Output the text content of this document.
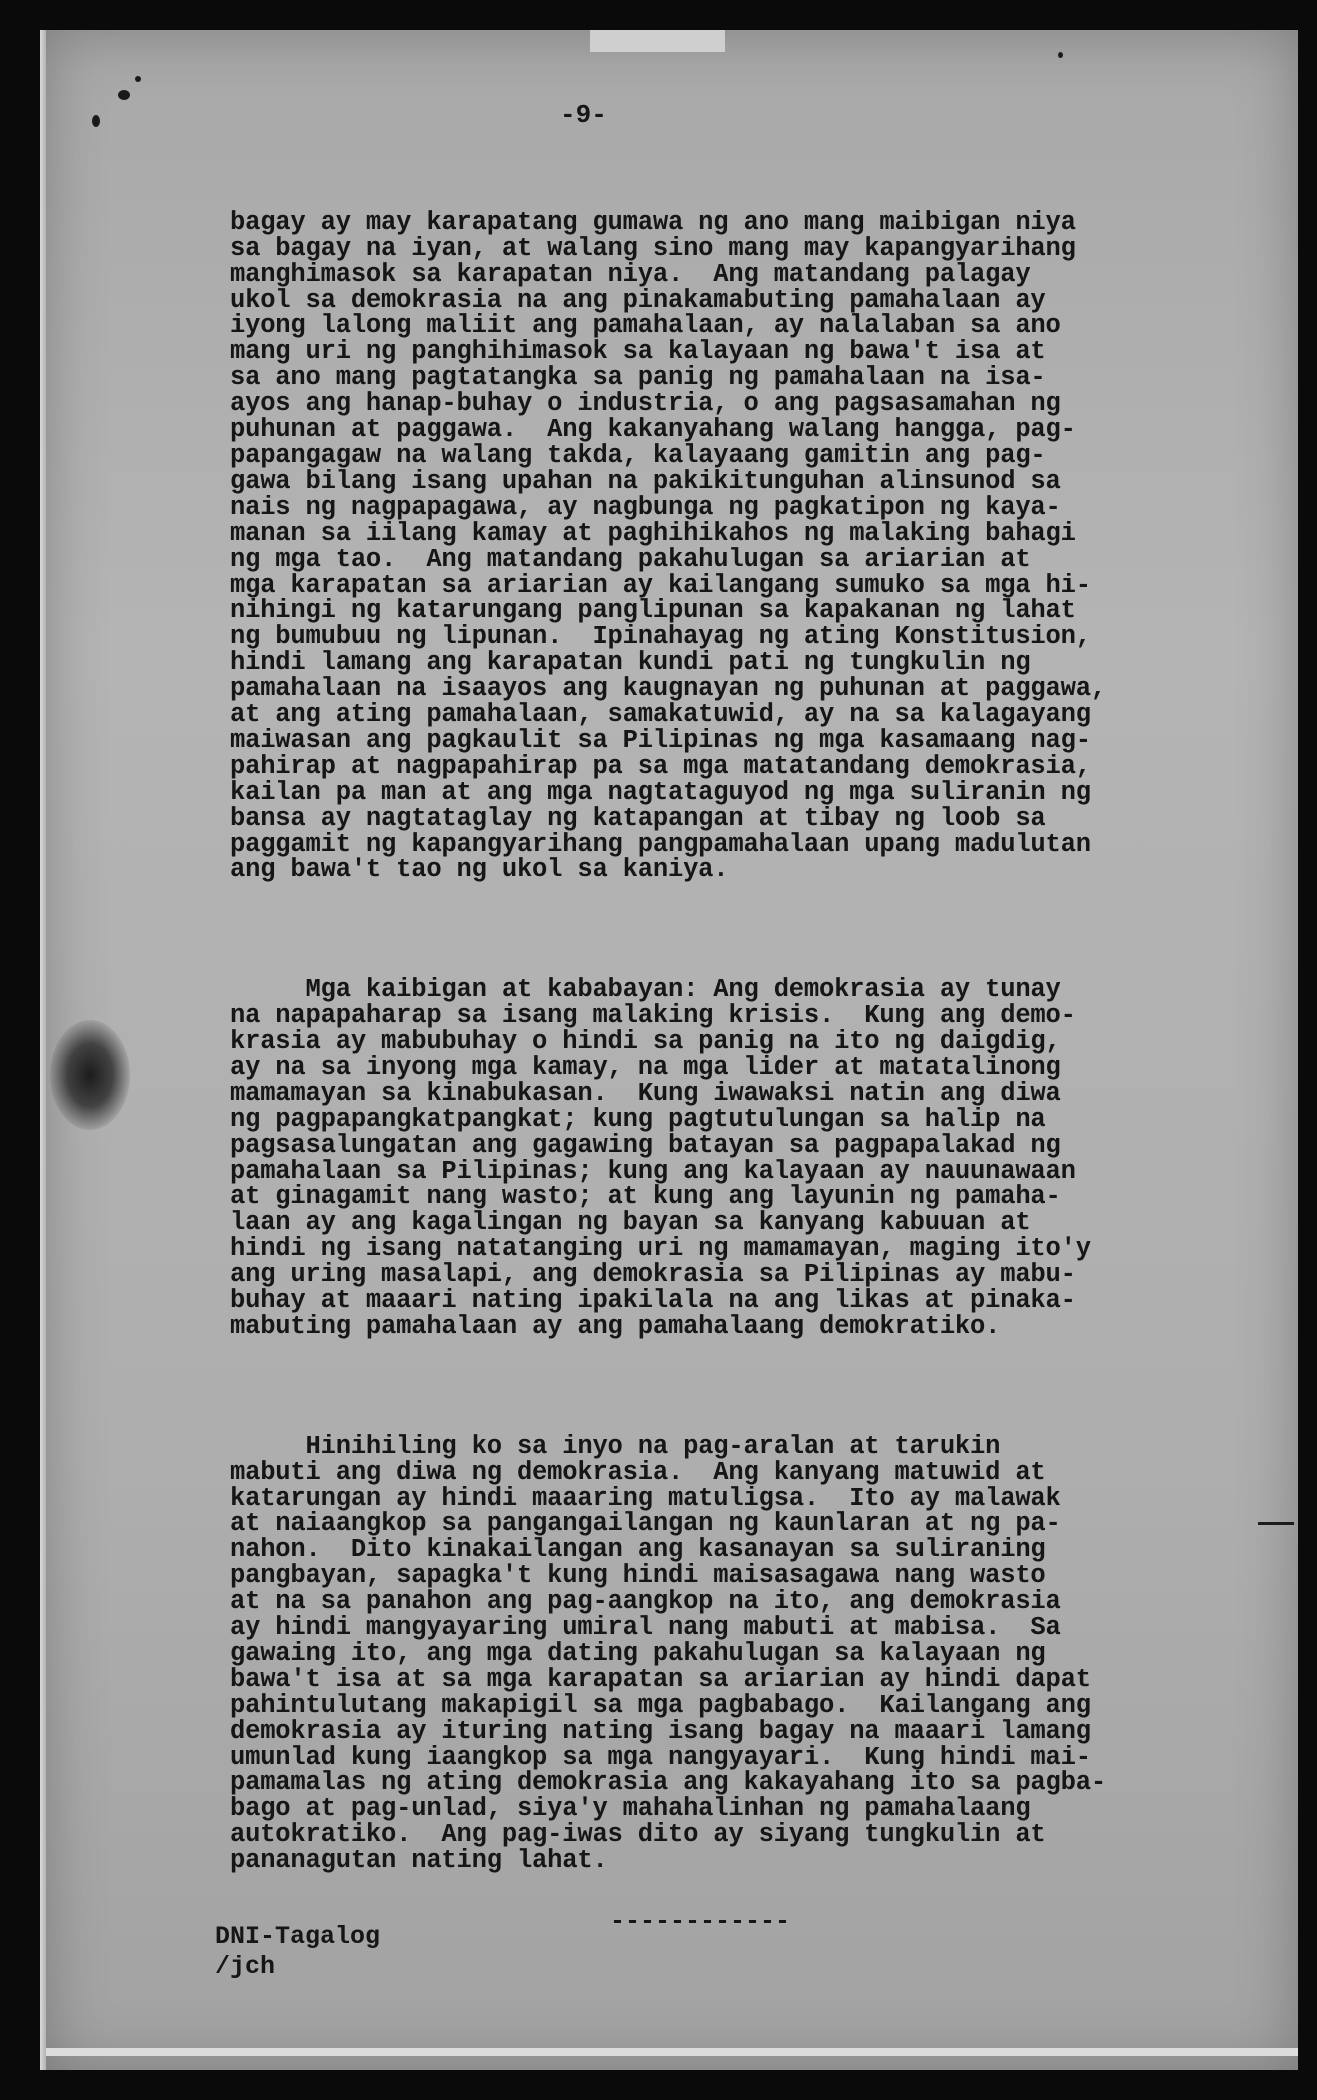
-9-

bagay ay may karapatang gumawa ng ano mang maibigan niya
sa bagay na iyan, at walang sino mang may kapangyarihang
manghimasok sa karapatan niya.  Ang matandang palagay
ukol sa demokrasia na ang pinakamabuting pamahalaan ay
iyong lalong maliit ang pamahalaan, ay nalalaban sa ano
mang uri ng panghihimasok sa kalayaan ng bawa't isa at
sa ano mang pagtatangka sa panig ng pamahalaan na isa-
ayos ang hanap-buhay o industria, o ang pagsasamahan ng
puhunan at paggawa.  Ang kakanyahang walang hangga, pag-
papangagaw na walang takda, kalayaang gamitin ang pag-
gawa bilang isang upahan na pakikitunguhan alinsunod sa
nais ng nagpapagawa, ay nagbunga ng pagkatipon ng kaya-
manan sa iilang kamay at paghihikahos ng malaking bahagi
ng mga tao.  Ang matandang pakahulugan sa ariarian at
mga karapatan sa ariarian ay kailangang sumuko sa mga hi-
nihingi ng katarungang panglipunan sa kapakanan ng lahat
ng bumubuu ng lipunan.  Ipinahayag ng ating Konstitusion,
hindi lamang ang karapatan kundi pati ng tungkulin ng
pamahalaan na isaayos ang kaugnayan ng puhunan at paggawa,
at ang ating pamahalaan, samakatuwid, ay na sa kalagayang
maiwasan ang pagkaulit sa Pilipinas ng mga kasamaang nag-
pahirap at nagpapahirap pa sa mga matatandang demokrasia,
kailan pa man at ang mga nagtataguyod ng mga suliranin ng
bansa ay nagtataglay ng katapangan at tibay ng loob sa
paggamit ng kapangyarihang pangpamahalaan upang madulutan
ang bawa't tao ng ukol sa kaniya.

Mga kaibigan at kababayan: Ang demokrasia ay tunay
na napapaharap sa isang malaking krisis.  Kung ang demo-
krasia ay mabubuhay o hindi sa panig na ito ng daigdig,
ay na sa inyong mga kamay, na mga lider at matatalinong
mamamayan sa kinabukasan.  Kung iwawaksi natin ang diwa
ng pagpapangkatpangkat; kung pagtutulungan sa halip na
pagsasalungatan ang gagawing batayan sa pagpapalakad ng
pamahalaan sa Pilipinas; kung ang kalayaan ay nauunawaan
at ginagamit nang wasto; at kung ang layunin ng pamaha-
laan ay ang kagalingan ng bayan sa kanyang kabuuan at
hindi ng isang natatanging uri ng mamamayan, maging ito'y
ang uring masalapi, ang demokrasia sa Pilipinas ay mabu-
buhay at maaari nating ipakilala na ang likas at pinaka-
mabuting pamahalaan ay ang pamahalaang demokratiko.

Hinihiling ko sa inyo na pag-aralan at tarukin
mabuti ang diwa ng demokrasia.  Ang kanyang matuwid at
katarungan ay hindi maaaring matuligsa.  Ito ay malawak
at naiaangkop sa pangangailangan ng kaunlaran at ng pa-
nahon.  Dito kinakailangan ang kasanayan sa suliraning
pangbayan, sapagka't kung hindi maisasagawa nang wasto
at na sa panahon ang pag-aangkop na ito, ang demokrasia
ay hindi mangyayaring umiral nang mabuti at mabisa.  Sa
gawaing ito, ang mga dating pakahulugan sa kalayaan ng
bawa't isa at sa mga karapatan sa ariarian ay hindi dapat
pahintulutang makapigil sa mga pagbabago.  Kailangang ang
demokrasia ay ituring nating isang bagay na maaari lamang
umunlad kung iaangkop sa mga nangyayari.  Kung hindi mai-
pamamalas ng ating demokrasia ang kakayahang ito sa pagba-
bago at pag-unlad, siya'y mahahalinhan ng pamahalaang
autokratiko.  Ang pag-iwas dito ay siyang tungkulin at
pananagutan nating lahat.

------------
DNI-Tagalog
/jch
